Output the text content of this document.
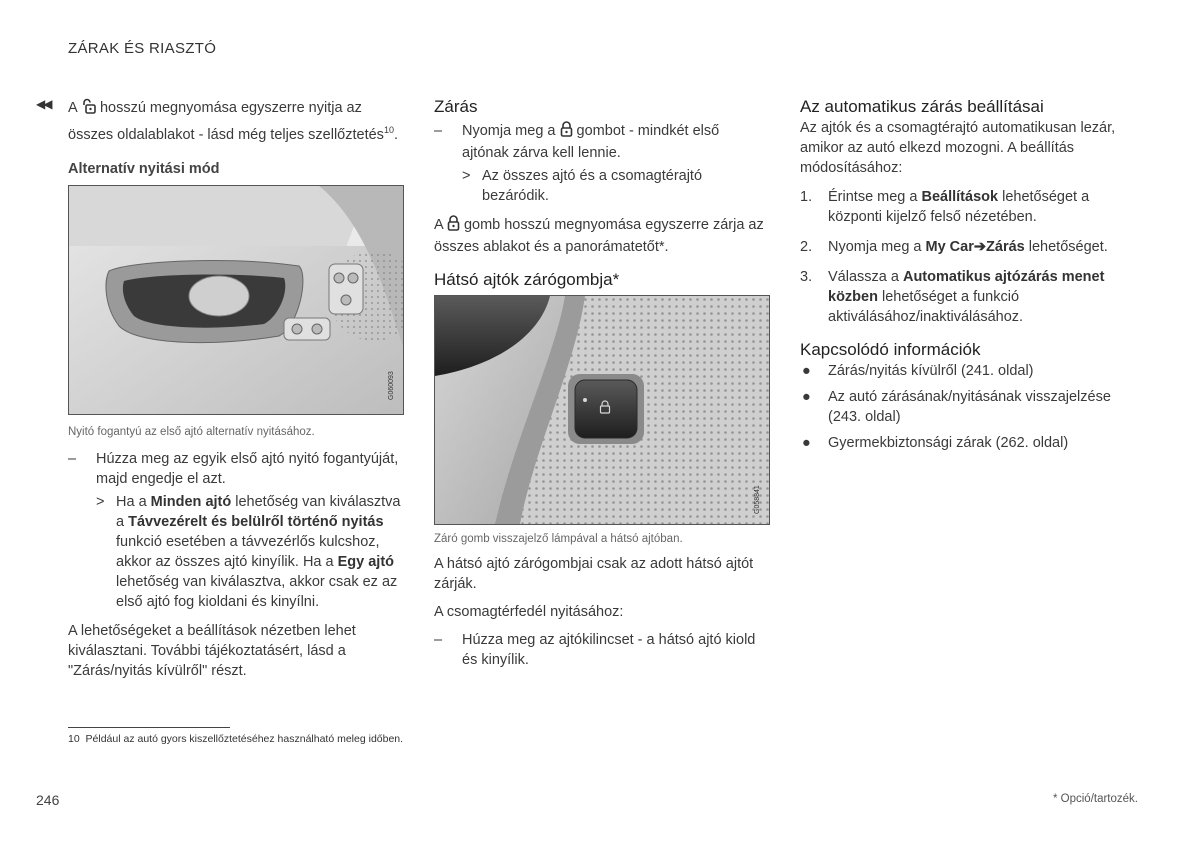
ZÁRAK ÉS RIASZTÓ
◀◀ A hosszú megnyomása egyszerre nyitja az összes oldalablakot - lásd még teljes szellőztetés$^{10}$.

Alternatív nyitási mód

G060093

Nyitó fogantyú az első ajtó alternatív nyitásához.

– Húzza meg az egyik első ajtó nyitó fogantyúját, majd engedje el azt.
> Ha a Minden ajtó lehetőség van kiválasztva a Távvezérelt és belülről történő nyitás funkció esetében a távvezérlős kulcshoz, akkor az összes ajtó kinyílik. Ha a Egy ajtó lehetőség van kiválasztva, akkor csak ez az első ajtó fog kioldani és kinyílni.

A lehetőségeket a beállítások nézetben lehet kiválasztani. További tájékoztatásért, lásd a "Zárás/nyitás kívülről" részt.

Zárás
– Nyomja meg a gombot - mindkét első ajtónak zárva kell lennie.
> Az összes ajtó és a csomagtérajtó bezáródik.

A gomb hosszú megnyomása egyszerre zárja az összes ablakot és a panorámatetőt*.

Hátsó ajtók zárógombja*
G058841

Záró gomb visszajelző lámpával a hátsó ajtóban.

A hátsó ajtó zárógombjai csak az adott hátsó ajtót zárják.

A csomagtérfedél nyitásához:

– Húzza meg az ajtókilincset - a hátsó ajtó kiold és kinyílik.
Az automatikus zárás beállításai

Az ajtók és a csomagtérajtó automatikusan lezár, amikor az autó elkezd mozogni. A beállítás módosításához:

1. Érintse meg a Beállítások lehetőséget a központi kijelző felső nézetében.
2. Nyomja meg a My Car➔Zárás lehetőséget.
3. Válassza a Automatikus ajtózárás menet közben lehetőséget a funkció aktiválásához/inaktiválásához.
Kapcsolódó információk
● Zárás/nyitás kívülről (241. oldal)
● Az autó zárásának/nyitásának visszajelzése (243. oldal)
● Gyermekbiztonsági zárak (262. oldal)
10 Például az autó gyors kiszellőztetéséhez használható meleg időben.
246	* Opció/tartozék.
